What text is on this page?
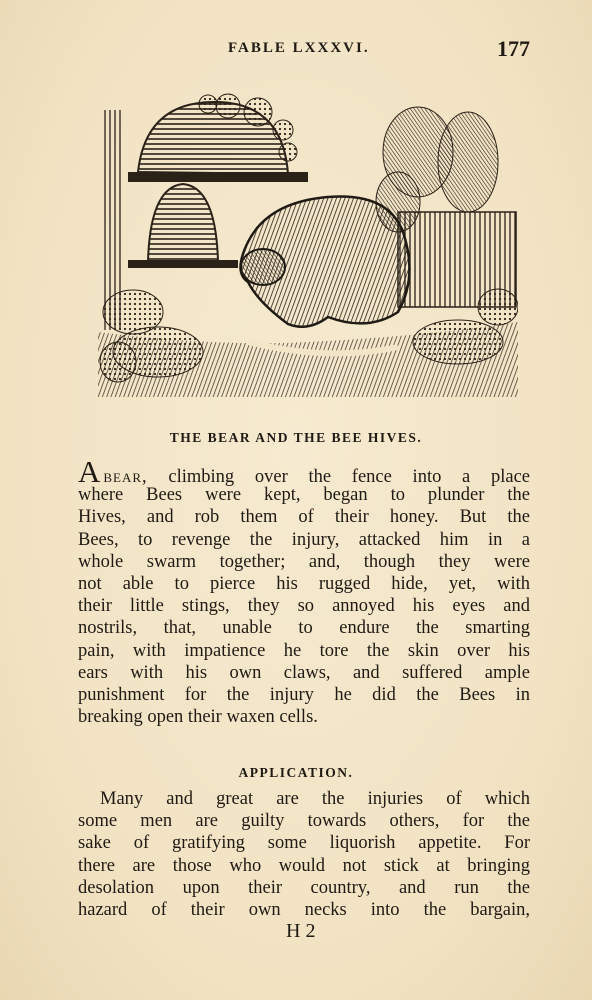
FABLE LXXXVI.	177
THE BEAR AND THE BEE HIVES.
Abear, climbing over the fence into a place
where Bees were kept, began to plunder the
Hives, and rob them of their honey. But the
Bees, to revenge the injury, attacked him in a
whole swarm together; and, though they were
not able to pierce his rugged hide, yet, with
their little stings, they so annoyed his eyes and
nostrils, that, unable to endure the smarting
pain, with impatience he tore the skin over his
ears with his own claws, and suffered ample
punishment for the injury he did the Bees in
breaking open their waxen cells.
APPLICATION.
Many and great are the injuries of which
some men are guilty towards others, for the
sake of gratifying some liquorish appetite. For
there are those who would not stick at bringing
desolation upon their country, and run the
hazard of their own necks into the bargain,
H 2
